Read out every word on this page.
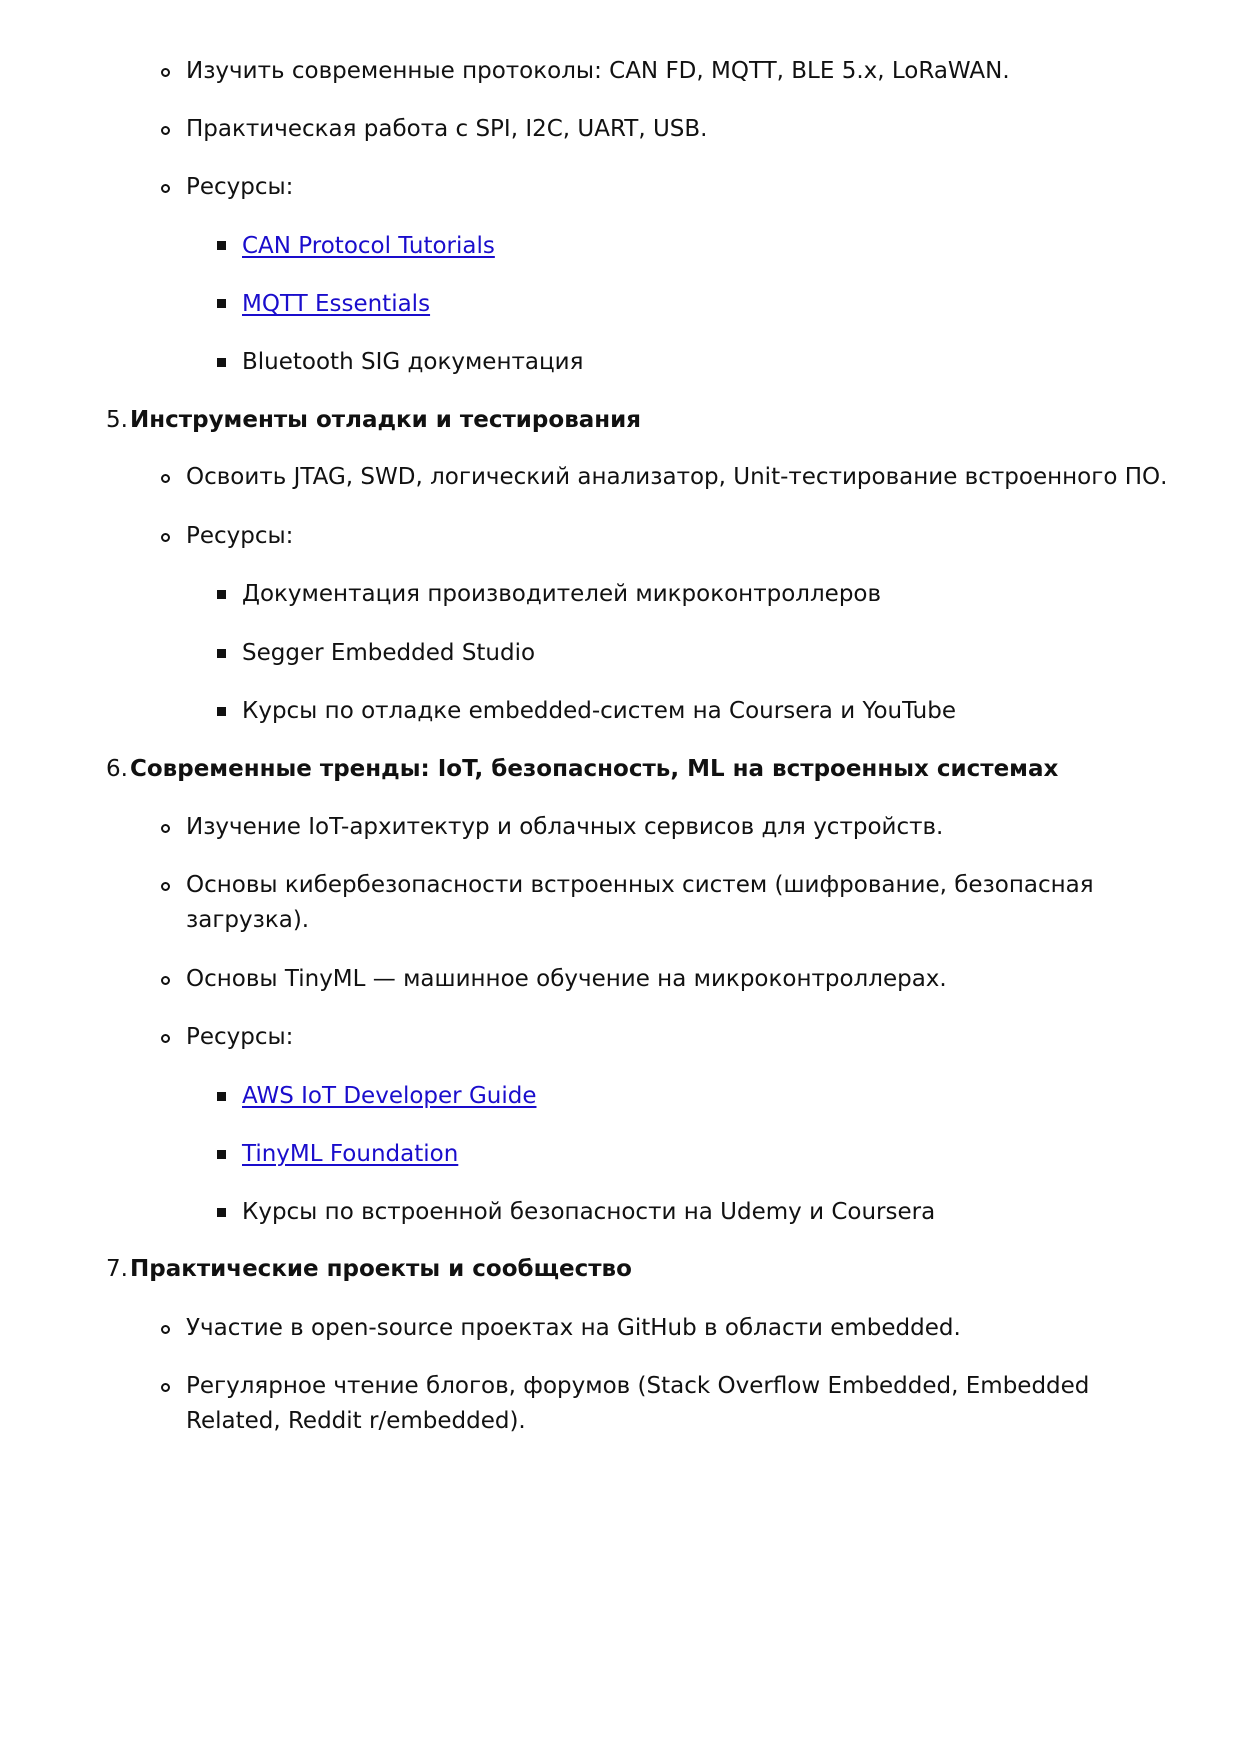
Изучить современные протоколы: CAN FD, MQTT, BLE 5.x, LoRaWAN.
Практическая работа с SPI, I2C, UART, USB.
Ресурсы:
CAN Protocol Tutorials
MQTT Essentials
Bluetooth SIG документация
5. Инструменты отладки и тестирования
Освоить JTAG, SWD, логический анализатор, Unit-тестирование встроенного ПО.
Ресурсы:
Документация производителей микроконтроллеров
Segger Embedded Studio
Курсы по отладке embedded-систем на Coursera и YouTube
6. Современные тренды: IoT, безопасность, ML на встроенных системах
Изучение IoT-архитектур и облачных сервисов для устройств.
Основы кибербезопасности встроенных систем (шифрование, безопасная
загрузка).
Основы TinyML — машинное обучение на микроконтроллерах.
Ресурсы:
AWS IoT Developer Guide
TinyML Foundation
Курсы по встроенной безопасности на Udemy и Coursera
7. Практические проекты и сообщество
Участие в open-source проектах на GitHub в области embedded.
Регулярное чтение блогов, форумов (Stack Overflow Embedded, Embedded
Related, Reddit r/embedded).
